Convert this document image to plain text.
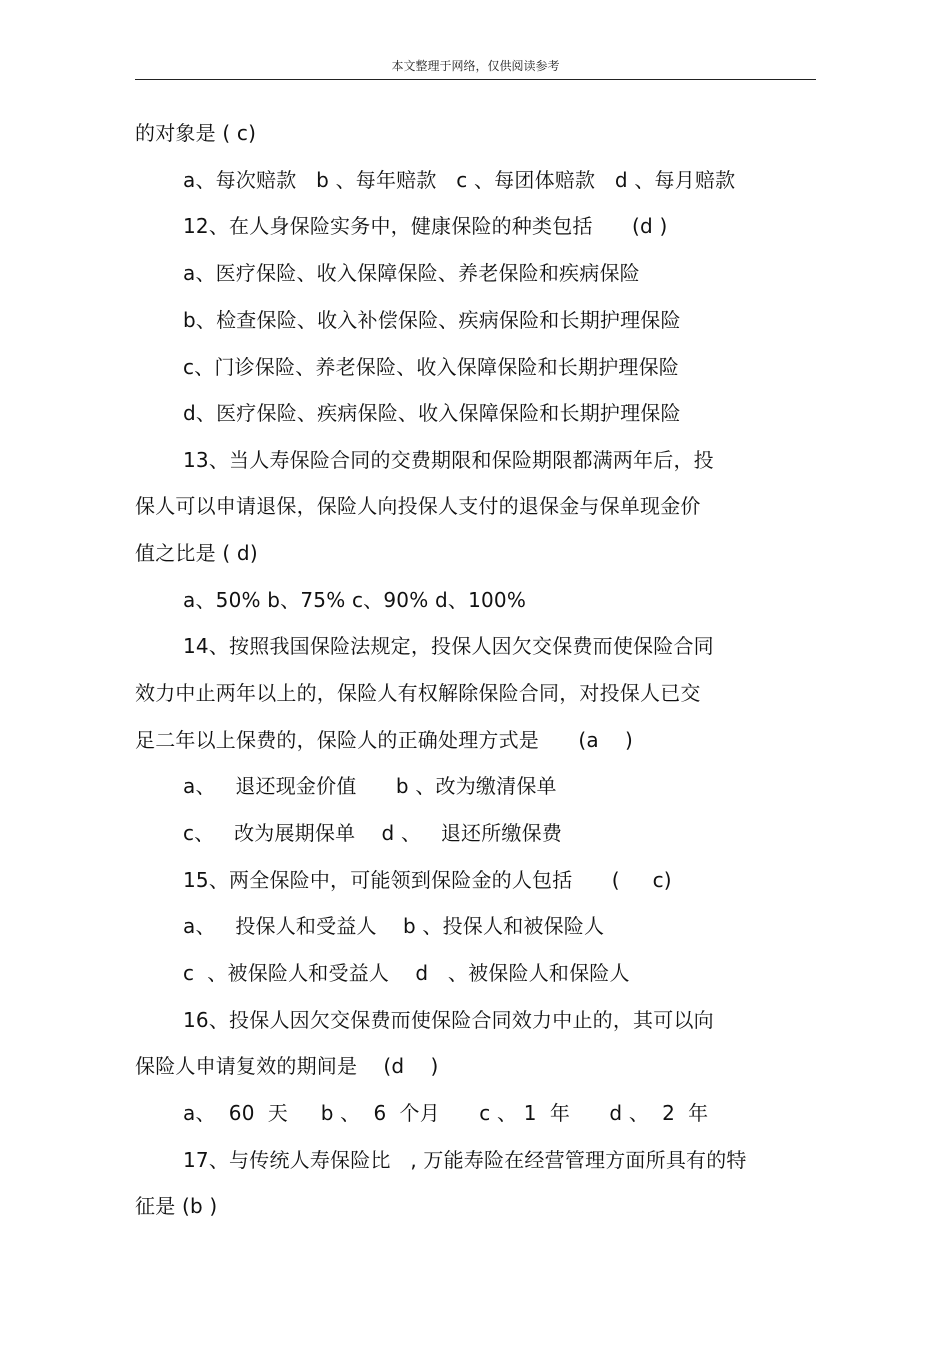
本文整理于网络，仅供阅读参考
的对象是 ( c)
a、每次赔款   b 、每年赔款   c 、每团体赔款   d 、每月赔款
12、在人身保险实务中，健康保险的种类包括      (d )
a、医疗保险、收入保障保险、养老保险和疾病保险
b、检查保险、收入补偿保险、疾病保险和长期护理保险
c、门诊保险、养老保险、收入保障保险和长期护理保险
d、医疗保险、疾病保险、收入保障保险和长期护理保险
13、当人寿保险合同的交费期限和保险期限都满两年后，投
保人可以申请退保，保险人向投保人支付的退保金与保单现金价
值之比是 ( d)
a、50% b、75% c、90% d、100%
14、按照我国保险法规定，投保人因欠交保费而使保险合同
效力中止两年以上的，保险人有权解除保险合同，对投保人已交
足二年以上保费的，保险人的正确处理方式是      (a    )
a、   退还现金价值      b 、改为缴清保单
c、   改为展期保单    d 、   退还所缴保费
15、两全保险中，可能领到保险金的人包括      (     c)
a、   投保人和受益人    b 、投保人和被保险人
c  、被保险人和受益人    d   、被保险人和保险人
16、投保人因欠交保费而使保险合同效力中止的，其可以向
保险人申请复效的期间是    (d    )
a、  60  天     b 、  6  个月      c 、 1  年      d 、  2  年
17、与传统人寿保险比   , 万能寿险在经营管理方面所具有的特
征是 (b )
